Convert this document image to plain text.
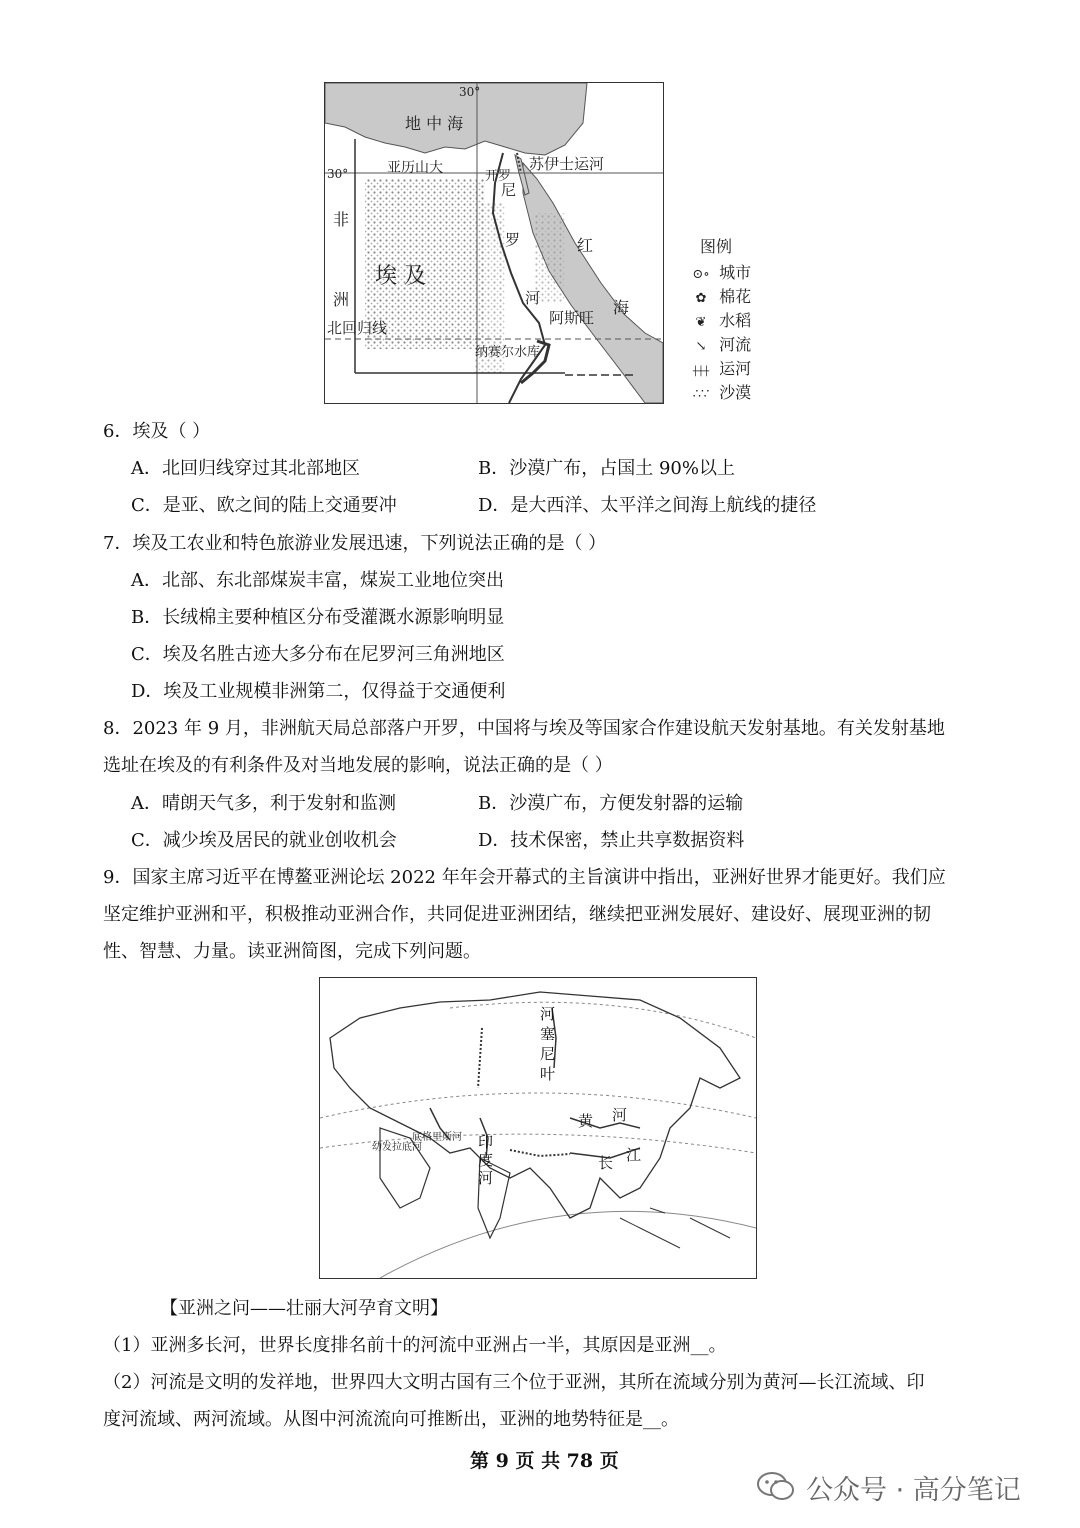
30°
30°
地 中 海
亚历山大	苏伊士运河
开罗
非
洲
埃 及
尼
罗
河
红
海
阿斯旺
北回归线
纳赛尔水库
图例
⊙∘ 城市
✿ 棉花
❦ 水稻
↘ 河流
┼┼┼ 运河
∴∵ 沙漠
6．埃及（ ）
A．北回归线穿过其北部地区	B．沙漠广布，占国土 90%以上
C．是亚、欧之间的陆上交通要冲	D．是大西洋、太平洋之间海上航线的捷径
7．埃及工农业和特色旅游业发展迅速，下列说法正确的是（ ）
A．北部、东北部煤炭丰富，煤炭工业地位突出
B．长绒棉主要种植区分布受灌溉水源影响明显
C．埃及名胜古迹大多分布在尼罗河三角洲地区
D．埃及工业规模非洲第二，仅得益于交通便利
8．2023 年 9 月，非洲航天局总部落户开罗，中国将与埃及等国家合作建设航天发射基地。有关发射基地
选址在埃及的有利条件及对当地发展的影响，说法正确的是（ ）
A．晴朗天气多，利于发射和监测	B．沙漠广布，方便发射器的运输
C．减少埃及居民的就业创收机会	D．技术保密，禁止共享数据资料
9．国家主席习近平在博鳌亚洲论坛 2022 年年会开幕式的主旨演讲中指出，亚洲好世界才能更好。我们应
坚定维护亚洲和平，积极推动亚洲合作，共同促进亚洲团结，继续把亚洲发展好、建设好、展现亚洲的韧
性、智慧、力量。读亚洲简图，完成下列问题。
河
塞
尼
叶
底格里斯河
幼发拉底河	印
度
河
黄 河
长 江
【亚洲之问——壮丽大河孕育文明】
（1）亚洲多长河，世界长度排名前十的河流中亚洲占一半，其原因是亚洲__。
（2）河流是文明的发祥地，世界四大文明古国有三个位于亚洲，其所在流域分别为黄河—长江流域、印
度河流域、两河流域。从图中河流流向可推断出，亚洲的地势特征是__。
第 9 页 共 78 页
公众号 · 高分笔记
